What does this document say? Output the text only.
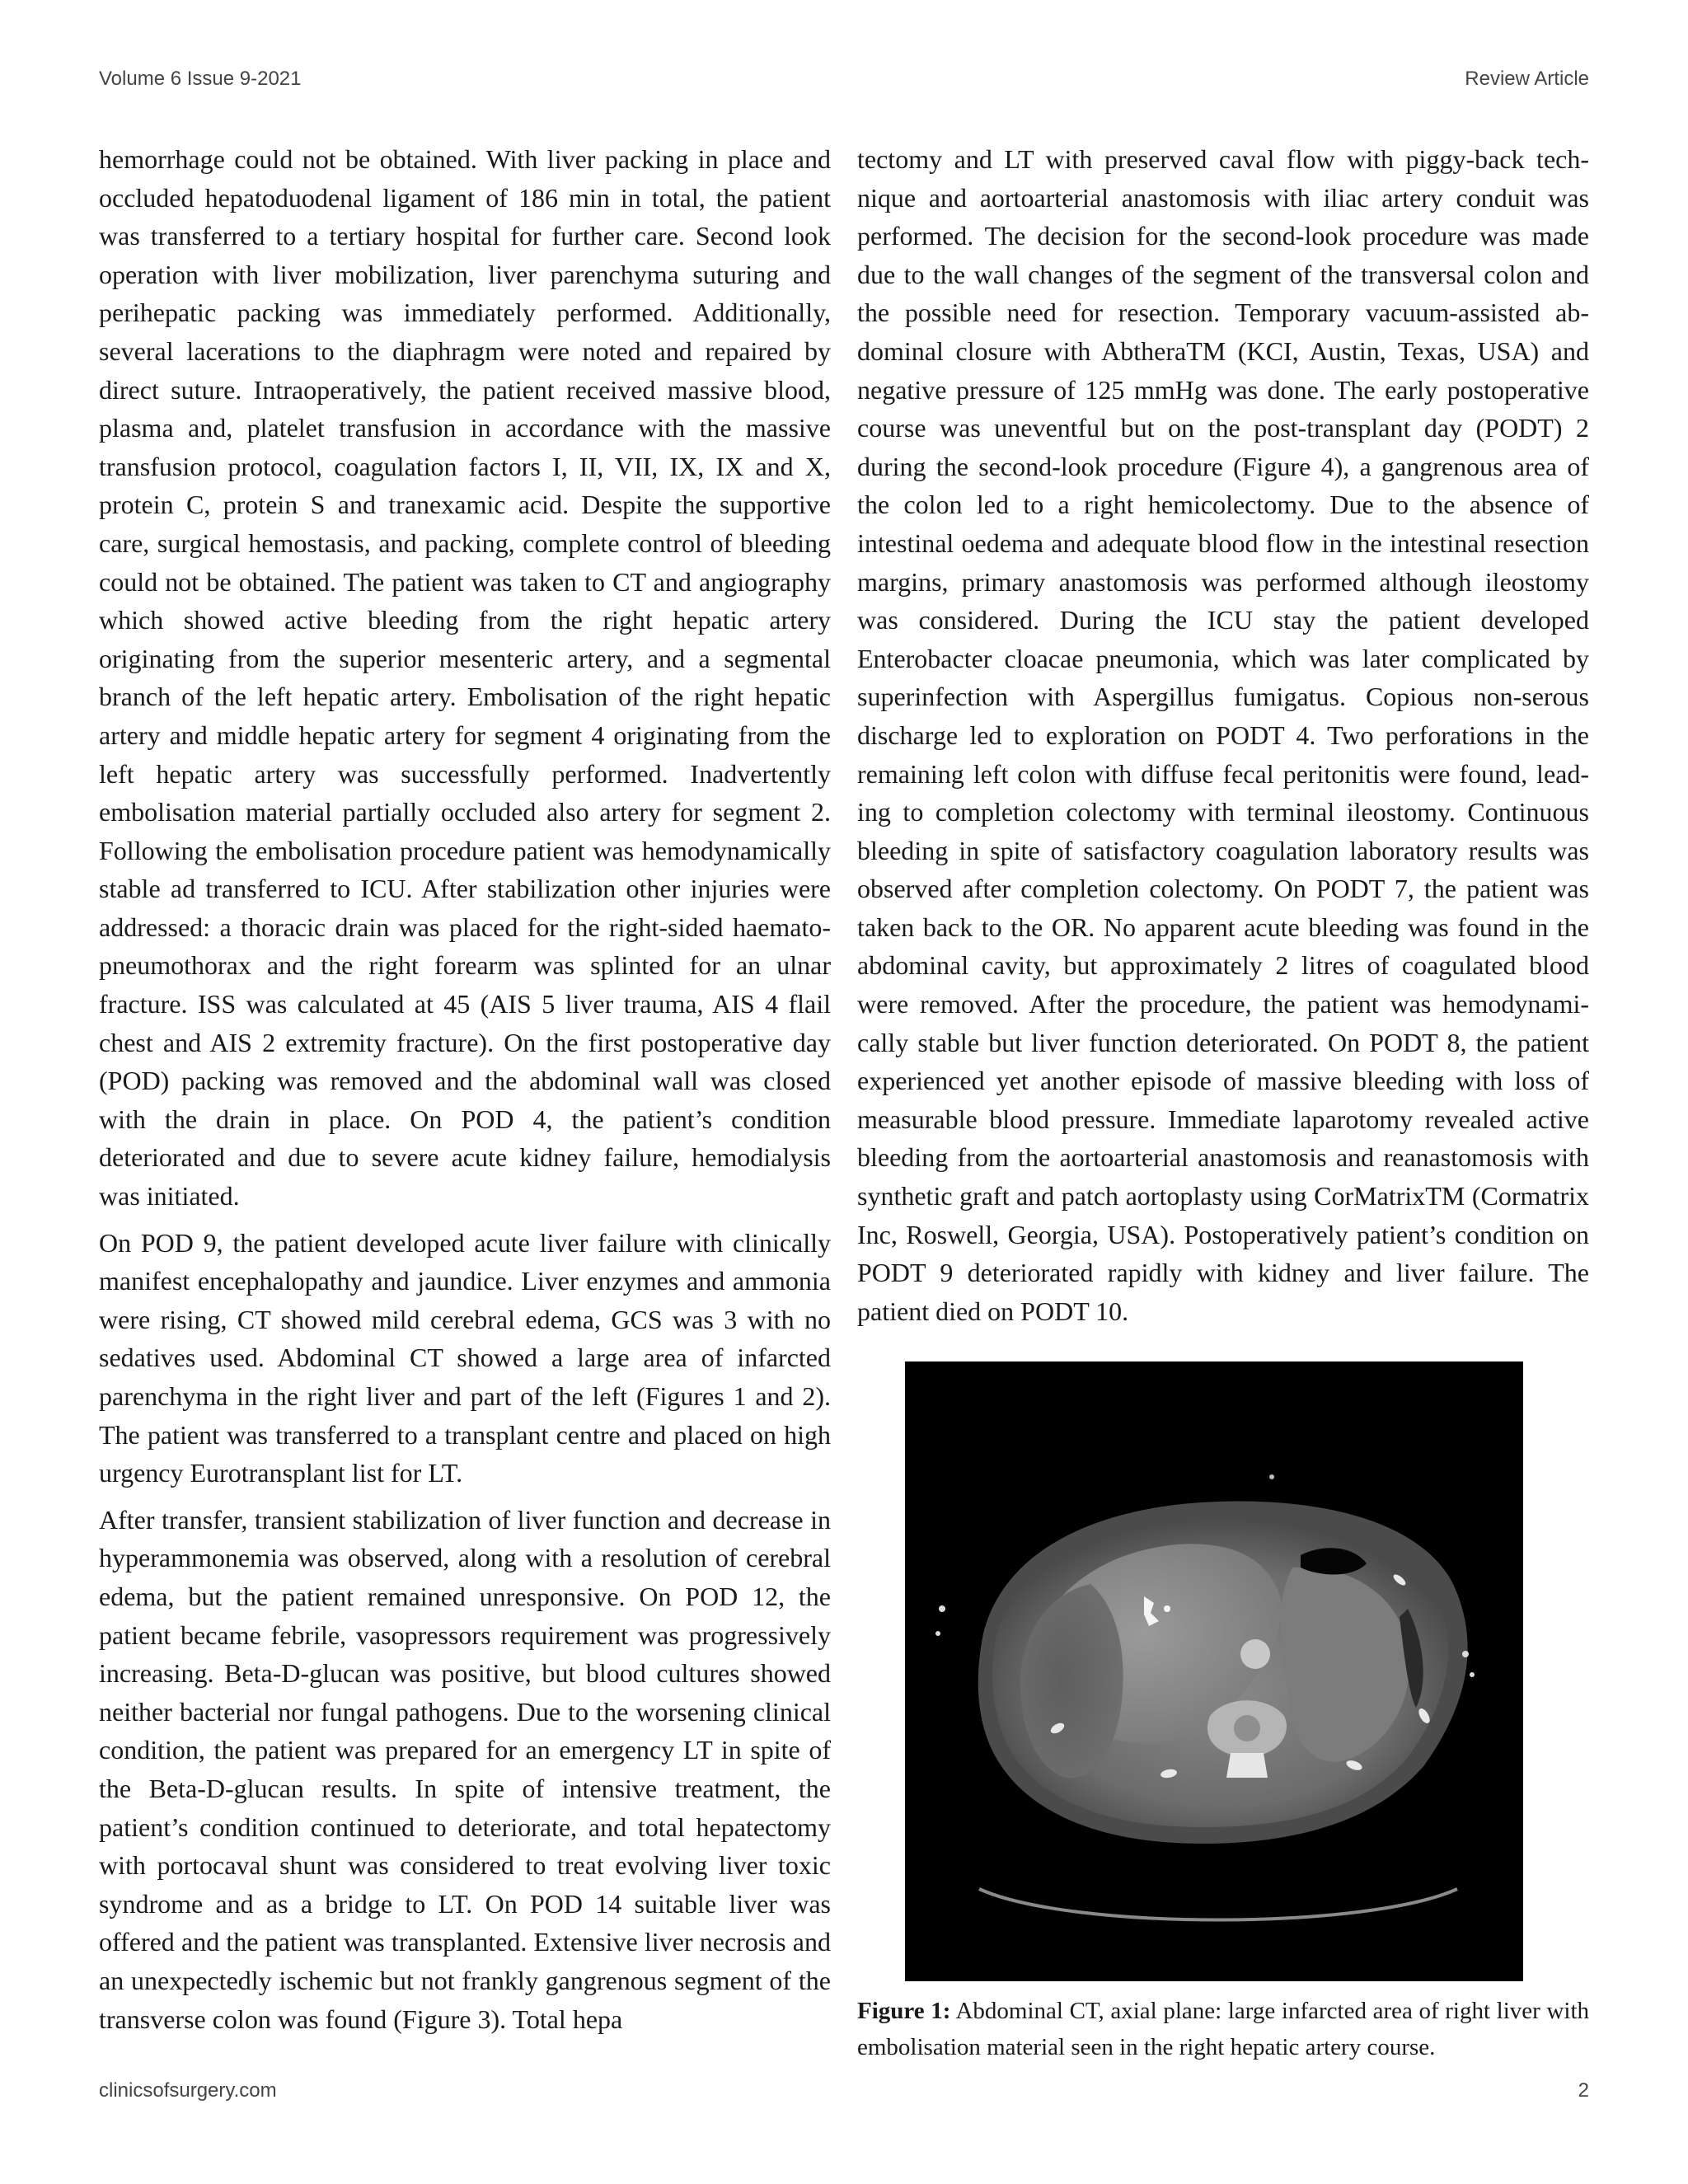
Volume 6 Issue 9-2021	Review Article

hemorrhage could not be obtained. With liver packing in place and occluded hepatoduodenal ligament of 186 min in total, the patient was transferred to a tertiary hospital for further care. Second look operation with liver mobilization, liver parenchyma suturing and perihepatic packing was immediately performed. Additionally, several lacerations to the diaphragm were noted and repaired by direct suture. Intraoperatively, the patient received massive blood, plasma and, platelet transfusion in accordance with the massive transfusion protocol, coagulation factors I, II, VII, IX, IX and X, protein C, protein S and tranexamic acid. Despite the supportive care, surgical hemostasis, and packing, complete control of bleeding could not be obtained. The patient was taken to CT and angiography which showed active bleeding from the right hepatic artery originating from the superior mesenteric artery, and a segmental branch of the left hepatic artery. Embolisation of the right hepatic artery and middle hepatic artery for segment 4 originating from the left hepatic artery was successfully performed. Inadvertently embolisation material partially occluded also artery for segment 2. Following the embolisation procedure patient was hemodynamically stable ad transferred to ICU. After stabilization other injuries were addressed: a thoracic drain was placed for the right-sided haemato-pneumothorax and the right forearm was splinted for an ulnar fracture. ISS was calculated at 45 (AIS 5 liver trauma, AIS 4 flail chest and AIS 2 extremity fracture). On the first postoperative day (POD) packing was removed and the abdominal wall was closed with the drain in place. On POD 4, the patient’s condition deteriorated and due to severe acute kidney failure, hemodialysis was initiated.

On POD 9, the patient developed acute liver failure with clinically manifest encephalopathy and jaundice. Liver enzymes and ammonia were rising, CT showed mild cerebral edema, GCS was 3 with no sedatives used. Abdominal CT showed a large area of infarcted parenchyma in the right liver and part of the left (Figures 1 and 2). The patient was transferred to a transplant centre and placed on high urgency Eurotransplant list for LT.

After transfer, transient stabilization of liver function and decrease in hyperammonemia was observed, along with a resolution of cerebral edema, but the patient remained unresponsive. On POD 12, the patient became febrile, vasopressors requirement was progressively increasing. Beta-D-glucan was positive, but blood cultures showed neither bacterial nor fungal pathogens. Due to the worsening clinical condition, the patient was prepared for an emergency LT in spite of the Beta-D-glucan results. In spite of intensive treatment, the patient’s condition continued to deteriorate, and total hepatectomy with portocaval shunt was considered to treat evolving liver toxic syndrome and as a bridge to LT. On POD 14 suitable liver was offered and the patient was transplanted. Extensive liver necrosis and an unexpectedly ischemic but not frankly gangrenous segment of the transverse colon was found (Figure 3). Total hepa

tectomy and LT with preserved caval flow with piggy-back technique and aortoarterial anastomosis with iliac artery conduit was performed. The decision for the second-look procedure was made due to the wall changes of the segment of the transversal colon and the possible need for resection. Temporary vacuum-assisted abdominal closure with AbtheraTM (KCI, Austin, Texas, USA) and negative pressure of 125 mmHg was done. The early postoperative course was uneventful but on the post-transplant day (PODT) 2 during the second-look procedure (Figure 4), a gangrenous area of the colon led to a right hemicolectomy. Due to the absence of intestinal oedema and adequate blood flow in the intestinal resection margins, primary anastomosis was performed although ileostomy was considered. During the ICU stay the patient developed Enterobacter cloacae pneumonia, which was later complicated by superinfection with Aspergillus fumigatus. Copious non-serous discharge led to exploration on PODT 4. Two perforations in the remaining left colon with diffuse fecal peritonitis were found, leading to completion colectomy with terminal ileostomy. Continuous bleeding in spite of satisfactory coagulation laboratory results was observed after completion colectomy. On PODT 7, the patient was taken back to the OR. No apparent acute bleeding was found in the abdominal cavity, but approximately 2 litres of coagulated blood were removed. After the procedure, the patient was hemodynamically stable but liver function deteriorated. On PODT 8, the patient experienced yet another episode of massive bleeding with loss of measurable blood pressure. Immediate laparotomy revealed active bleeding from the aortoarterial anastomosis and reanastomosis with synthetic graft and patch aortoplasty using CorMatrixTM (Cormatrix Inc, Roswell, Georgia, USA). Postoperatively patient’s condition on PODT 9 deteriorated rapidly with kidney and liver failure. The patient died on PODT 10.

Figure 1: Abdominal CT, axial plane: large infarcted area of right liver with embolisation material seen in the right hepatic artery course.
clinicsofsurgery.com	2
